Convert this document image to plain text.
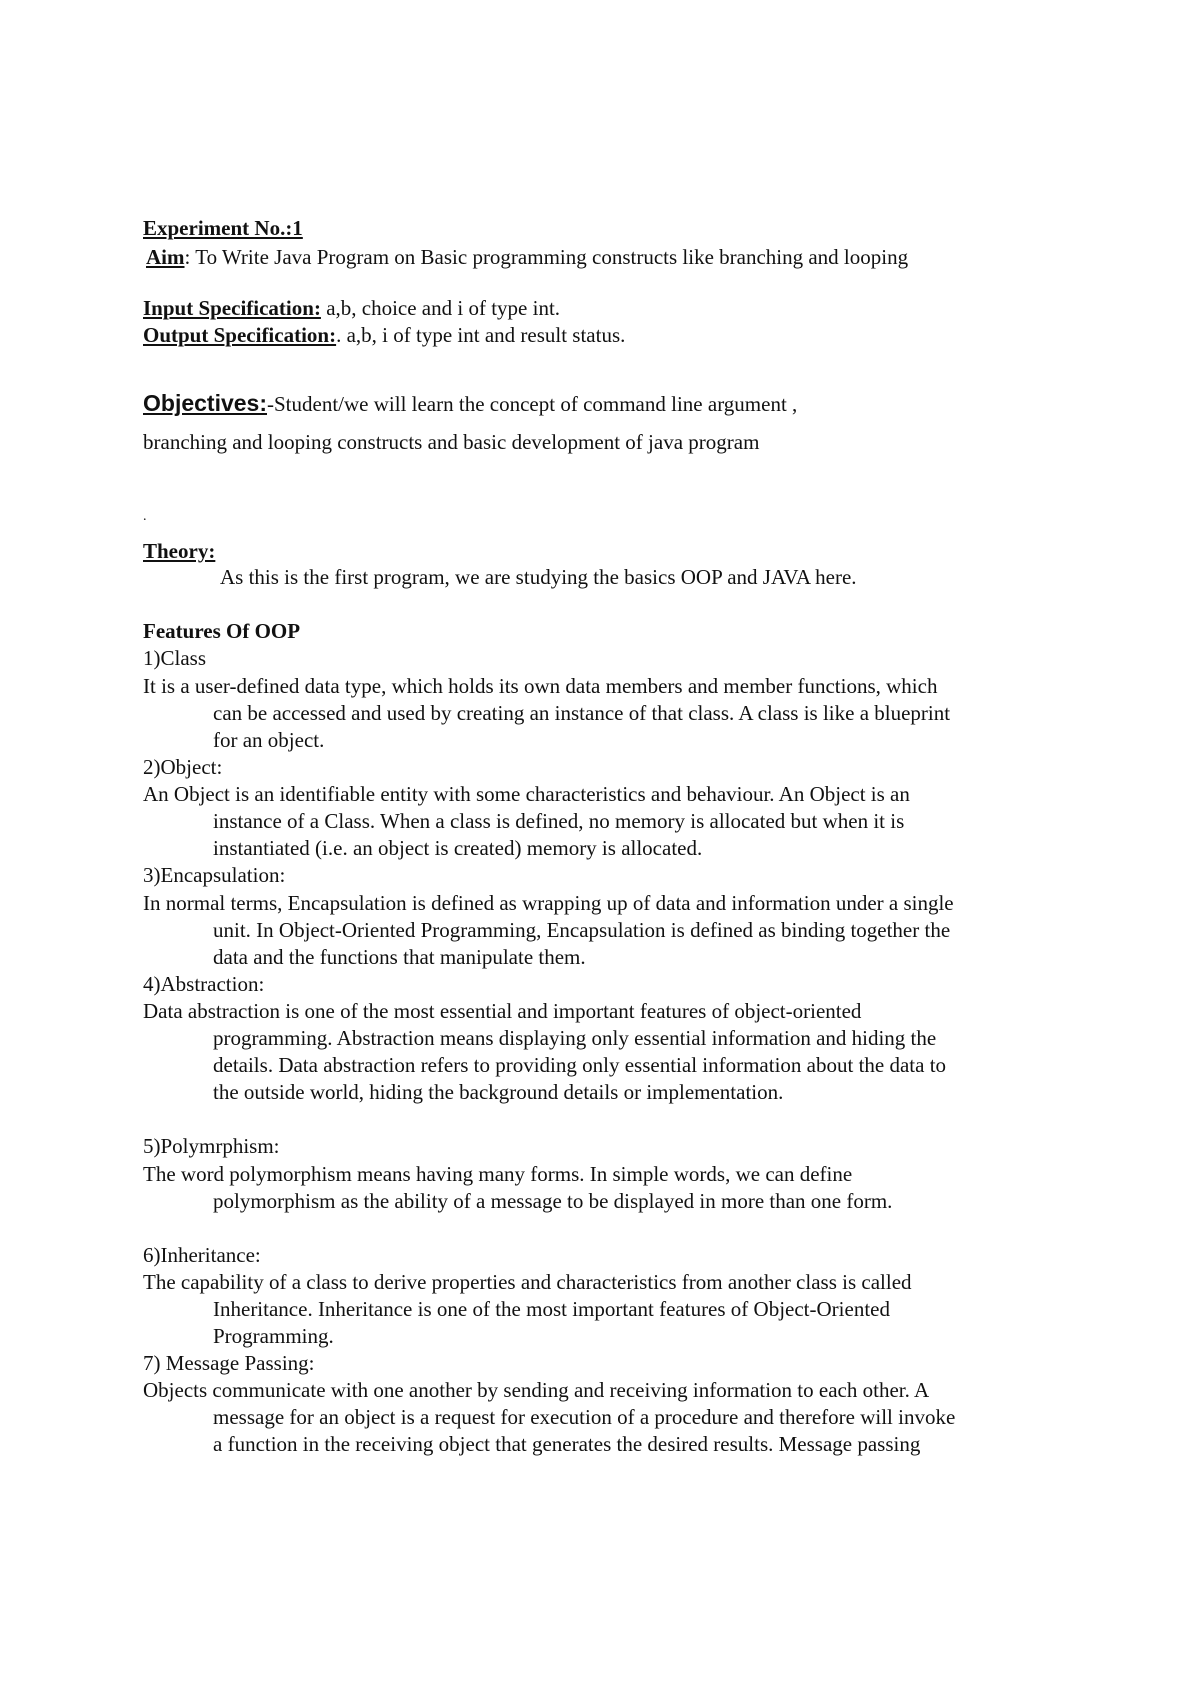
Experiment No.:1
Aim: To Write Java Program on Basic programming constructs like branching and looping
Input Specification: a,b, choice and i of type int.
Output Specification:. a,b, i of type int and result status.
Objectives:-Student/we will learn the concept of command line argument ,
branching and looping constructs and basic development of java program
.
Theory:
As this is the first program, we are studying the basics OOP and JAVA here.
Features Of OOP
1)Class
It is a user-defined data type, which holds its own data members and member functions, which
can be accessed and used by creating an instance of that class. A class is like a blueprint
for an object.
2)Object:
An Object is an identifiable entity with some characteristics and behaviour. An Object is an
instance of a Class. When a class is defined, no memory is allocated but when it is
instantiated (i.e. an object is created) memory is allocated.
3)Encapsulation:
In normal terms, Encapsulation is defined as wrapping up of data and information under a single
unit. In Object-Oriented Programming, Encapsulation is defined as binding together the
data and the functions that manipulate them.
4)Abstraction:
Data abstraction is one of the most essential and important features of object-oriented
programming. Abstraction means displaying only essential information and hiding the
details. Data abstraction refers to providing only essential information about the data to
the outside world, hiding the background details or implementation.
5)Polymrphism:
The word polymorphism means having many forms. In simple words, we can define
polymorphism as the ability of a message to be displayed in more than one form.
6)Inheritance:
The capability of a class to derive properties and characteristics from another class is called
Inheritance. Inheritance is one of the most important features of Object-Oriented
Programming.
7) Message Passing:
Objects communicate with one another by sending and receiving information to each other. A
message for an object is a request for execution of a procedure and therefore will invoke
a function in the receiving object that generates the desired results. Message passing
